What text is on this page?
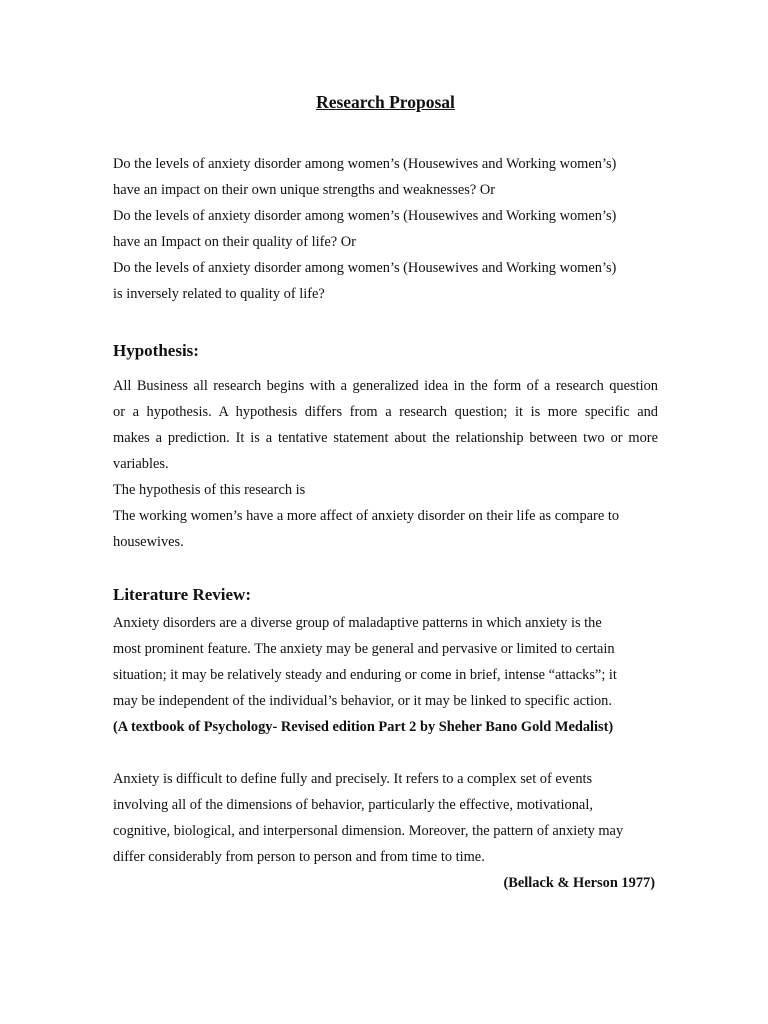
Research Proposal

Do the levels of anxiety disorder among women’s (Housewives and Working women’s)

have an impact on their own unique strengths and weaknesses? Or

Do the levels of anxiety disorder among women’s (Housewives and Working women’s)

have an Impact on their quality of life? Or

Do the levels of anxiety disorder among women’s (Housewives and Working women’s)

is inversely related to quality of life?

Hypothesis:

All Business all research begins with a generalized idea in the form of a research question

or a hypothesis. A hypothesis differs from a research question; it is more specific and

makes a prediction. It is a tentative statement about the relationship between two or more

variables.

The hypothesis of this research is

The working women’s have a more affect of anxiety disorder on their life as compare to

housewives.

Literature Review:

Anxiety disorders are a diverse group of maladaptive patterns in which anxiety is the

most prominent feature. The anxiety may be general and pervasive or limited to certain

situation; it may be relatively steady and enduring or come in brief, intense “attacks”; it

may be independent of the individual’s behavior, or it may be linked to specific action.

(A textbook of Psychology- Revised edition Part 2 by Sheher Bano Gold Medalist)

Anxiety is difficult to define fully and precisely. It refers to a complex set of events

involving all of the dimensions of behavior, particularly the effective, motivational,

cognitive, biological, and interpersonal dimension. Moreover, the pattern of anxiety may

differ considerably from person to person and from time to time.

(Bellack & Herson 1977)
